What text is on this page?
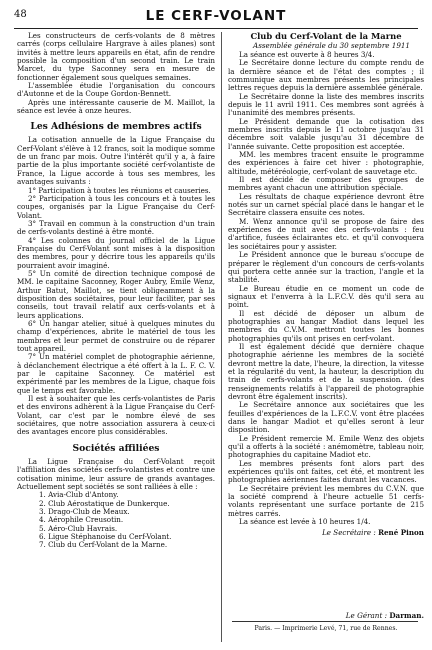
48	LE CERF-VOLANT

Les constructeurs de cerfs-volants de 8 mètres carrés (corps cellulaire Hargrave à ailes planes) sont invités à mettre leurs appareils en état, afin de rendre possible la composition d'un second train. Le train Marcet, du type Saconney sera en mesure de fonctionner également sous quelques semaines.

L'assemblée étudie l'organisation du concours d'Autonne et de la Coupe Gordon-Bennett.

Après une intéressante causerie de M. Maillot, la séance est levée à onze heures.

Les Adhésions de membres actifs

La cotisation annuelle de la Ligue Française du Cerf-Volant s'élève à 12 francs, soit la modique somme de un franc par mois. Outre l'intérêt qu'il y a, à faire partie de la plus importante société cerf-volantiste de France, la Ligue accorde à tous ses membres, les avantages suivants :

1° Participation à toutes les réunions et causeries.

2° Participation à tous les concours et à toutes les coupes, organisés par la Ligue Française du Cerf-Volant.

3° Travail en commun à la construction d'un train de cerfs-volants destiné à être monté.

4° Les colonnes du journal officiel de la Ligue Française du Cerf-Volant sont mises à la disposition des membres, pour y décrire tous les appareils qu'ils pourraient avoir imaginé.

5° Un comité de direction technique composé de MM. le capitaine Saconney, Roger Aubry, Emile Wenz, Arthur Batut, Maillot, se tient obligeamment à la disposition des sociétaires, pour leur faciliter, par ses conseils, tout travail relatif aux cerfs-volants et à leurs applications.

6° Un hangar atelier, situé à quelques minutes du champ d'expériences, abrite le matériel de tous les membres et leur permet de construire ou de réparer tout appareil.

7° Un matériel complet de photographie aérienne, à déclanchement électrique a été offert à la L. F. C. V. par le capitaine Saconney. Ce matériel est expérimenté par les membres de la Ligue, chaque fois que le temps est favorable.

Il est à souhaiter que les cerfs-volantistes de Paris et des environs adhèrent à la Ligue Française du Cerf-Volant, car c'est par le nombre élevé de ses sociétaires, que notre association assurera à ceux-ci des avantages encore plus considérables.

Sociétés affiliées

La Ligue Française du Cerf-Volant reçoit l'affiliation des sociétés cerfs-volantistes et contre une cotisation minime, leur assure de grands avantages. Actuellement sept sociétés se sont ralliées à elle :

1. Avia-Club d'Antony.

2. Club Aérostatique de Dunkerque.

3. Drago-Club de Meaux.

4. Aérophile Creusotin.

5. Aéro-Club Havrais.

6. Ligue Stéphanoise du Cerf-Volant.

7. Club du Cerf-Volant de la Marne.

Club du Cerf-Volant de la Marne

Assemblée générale du 30 septembre 1911

La séance est ouverte à 8 heures 3/4.

Le Secrétaire donne lecture du compte rendu de la dernière séance et de l'état des comptes ; il communique aux membres présents les principales lettres reçues depuis la dernière assemblée générale.

Le Secrétaire donne la liste des membres inscrits depuis le 11 avril 1911. Ces membres sont agréés à l'unanimité des membres présents.

Le Président demande que la cotisation des membres inscrits depuis le 11 octobre jusqu'au 31 décembre soit valable jusqu'au 31 décembre de l'année suivante. Cette proposition est acceptée.

MM. les membres tracent ensuite le programme des expériences à faire cet hiver : photographie, altitude, météréologie, cerf-volant de sauvetage etc.

Il est décidé de composer des groupes de membres ayant chacun une attribution spéciale.

Les résultats de chaque expérience devront être notés sur un carnet spécial placé dans le hangar et le Secrétaire classera ensuite ces notes.

M. Wenz annonce qu'il se propose de faire des expériences de nuit avec des cerfs-volants : feu d'artifice, fusées éclairantes etc. et qu'il convoquera les sociétaires pour y assister.

Le Président annonce que le bureau s'occupe de préparer le règlement d'un concours de cerfs-volants qui portera cette année sur la traction, l'angle et la stabilité.

Le Bureau étudie en ce moment un code de signaux et l'enverra à la L.F.C.V. dès qu'il sera au point.

Il est décidé de déposer un album de photographies au hangar Madiot dans lequel les membres du C.V.M. mettront toutes les bonnes photographies qu'ils ont prises en cerf-volant.

Il est également décidé que dernière chaque photographie aérienne les membres de la société devront mettre la date, l'heure, la direction, la vitesse et la régularité du vent, la hauteur, la description du train de cerfs-volants et de la suspension. (des renseignements relatifs à l'appareil de photographie devront être également inscrits).

Le Secrétaire annonce aux sociétaires que les feuilles d'expériences de la L.F.C.V. vont être placées dans le hangar Madiot et qu'elles seront à leur disposition.

Le Président remercie M. Emile Wenz des objets qu'il a offerts à la société : anémomètre, tableau noir, photographies du capitaine Madiot etc.

Les membres présents font alors part des expériences qu'ils ont faites, cet été, et montrent les photographies aériennes faites durant les vacances.

Le Secrétaire prévient les membres du C.V.N. que la société comprend à l'heure actuelle 51 cerfs-volants représentant une surface portante de 215 mètres carrés.

La séance est levée à 10 heures 1/4.

Le Secrétaire : René Pinon

Le Gérant : Darman.
Paris. — Imprimerie Levé, 71, rue de Rennes.
